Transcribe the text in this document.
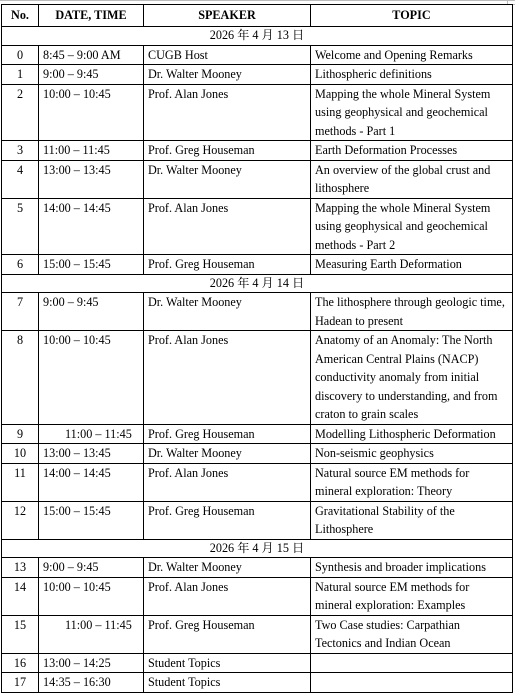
No.	DATE, TIME	SPEAKER	TOPIC
2026 年 4 月 13 日			
0	8:45 – 9:00 AM	CUGB Host	Welcome and Opening Remarks
1	9:00 – 9:45	Dr. Walter Mooney	Lithospheric definitions
2	10:00 – 10:45	Prof. Alan Jones	Mapping the whole Mineral System using geophysical and geochemical methods - Part 1
3	11:00 – 11:45	Prof. Greg Houseman	Earth Deformation Processes
4	13:00 – 13:45	Dr. Walter Mooney	An overview of the global crust and lithosphere
5	14:00 – 14:45	Prof. Alan Jones	Mapping the whole Mineral System using geophysical and geochemical methods - Part 2
6	15:00 – 15:45	Prof. Greg Houseman	Measuring Earth Deformation
2026 年 4 月 14 日			
7	9:00 – 9:45	Dr. Walter Mooney	The lithosphere through geologic time, Hadean to present
8	10:00 – 10:45	Prof. Alan Jones	Anatomy of an Anomaly: The North American Central Plains (NACP) conductivity anomaly from initial discovery to understanding, and from craton to grain scales
9	11:00 – 11:45	Prof. Greg Houseman	Modelling Lithospheric Deformation
10	13:00 – 13:45	Dr. Walter Mooney	Non-seismic geophysics
11	14:00 – 14:45	Prof. Alan Jones	Natural source EM methods for mineral exploration: Theory
12	15:00 – 15:45	Prof. Greg Houseman	Gravitational Stability of the Lithosphere
2026 年 4 月 15 日			
13	9:00 – 9:45	Dr. Walter Mooney	Synthesis and broader implications
14	10:00 – 10:45	Prof. Alan Jones	Natural source EM methods for mineral exploration: Examples
15	11:00 – 11:45	Prof. Greg Houseman	Two Case studies: Carpathian Tectonics and Indian Ocean
16	13:00 – 14:25	Student Topics	
17	14:35 – 16:30	Student Topics	
